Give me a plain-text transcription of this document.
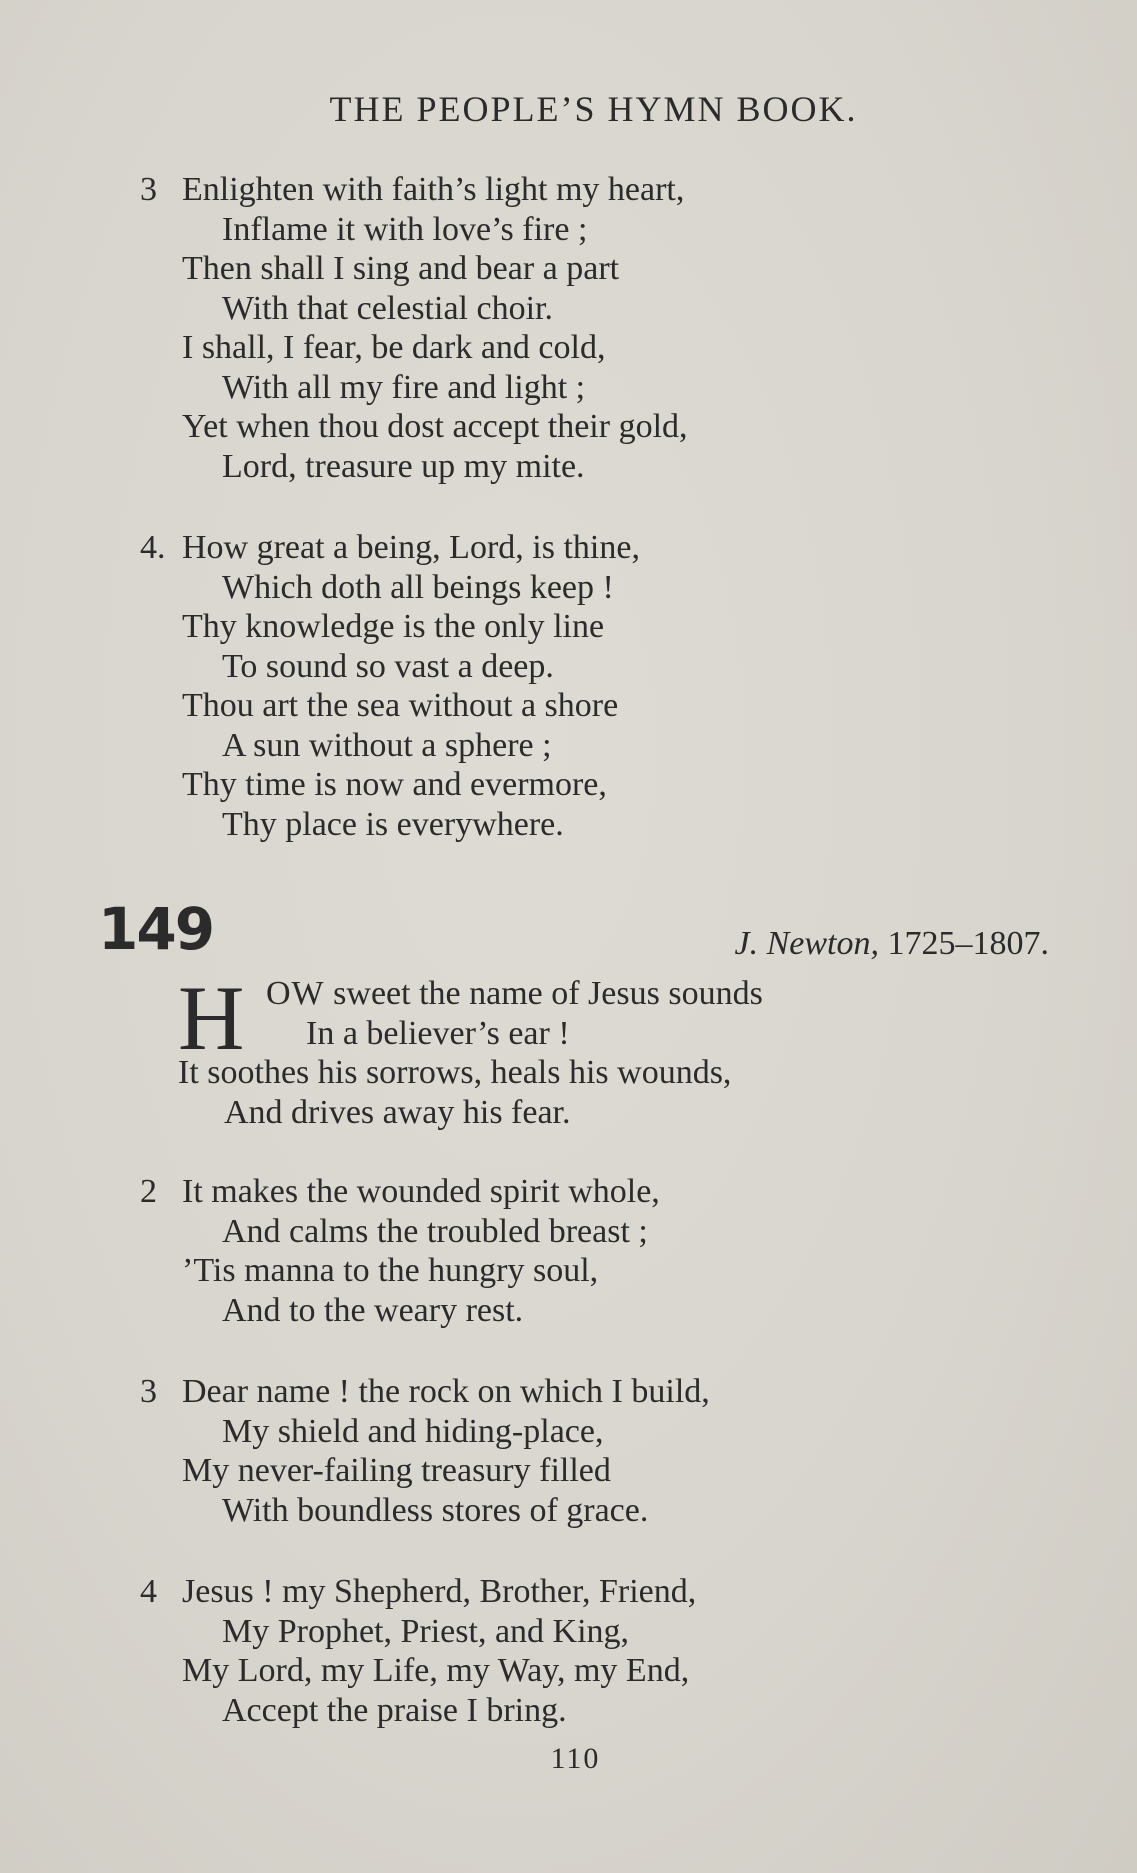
THE PEOPLE’S HYMN BOOK.
3 Enlighten with faith’s light my heart,
Inflame it with love’s fire ;
Then shall I sing and bear a part
With that celestial choir.
I shall, I fear, be dark and cold,
With all my fire and light ;
Yet when thou dost accept their gold,
Lord, treasure up my mite.
4. How great a being, Lord, is thine,
Which doth all beings keep !
Thy knowledge is the only line
To sound so vast a deep.
Thou art the sea without a shore
A sun without a sphere ;
Thy time is now and evermore,
Thy place is everywhere.
149	J. Newton, 1725–1807.
H OW sweet the name of Jesus sounds
In a believer’s ear !
It soothes his sorrows, heals his wounds,
And drives away his fear.
2 It makes the wounded spirit whole,
And calms the troubled breast ;
’Tis manna to the hungry soul,
And to the weary rest.
3 Dear name ! the rock on which I build,
My shield and hiding-place,
My never-failing treasury filled
With boundless stores of grace.
4 Jesus ! my Shepherd, Brother, Friend,
My Prophet, Priest, and King,
My Lord, my Life, my Way, my End,
Accept the praise I bring.
110
